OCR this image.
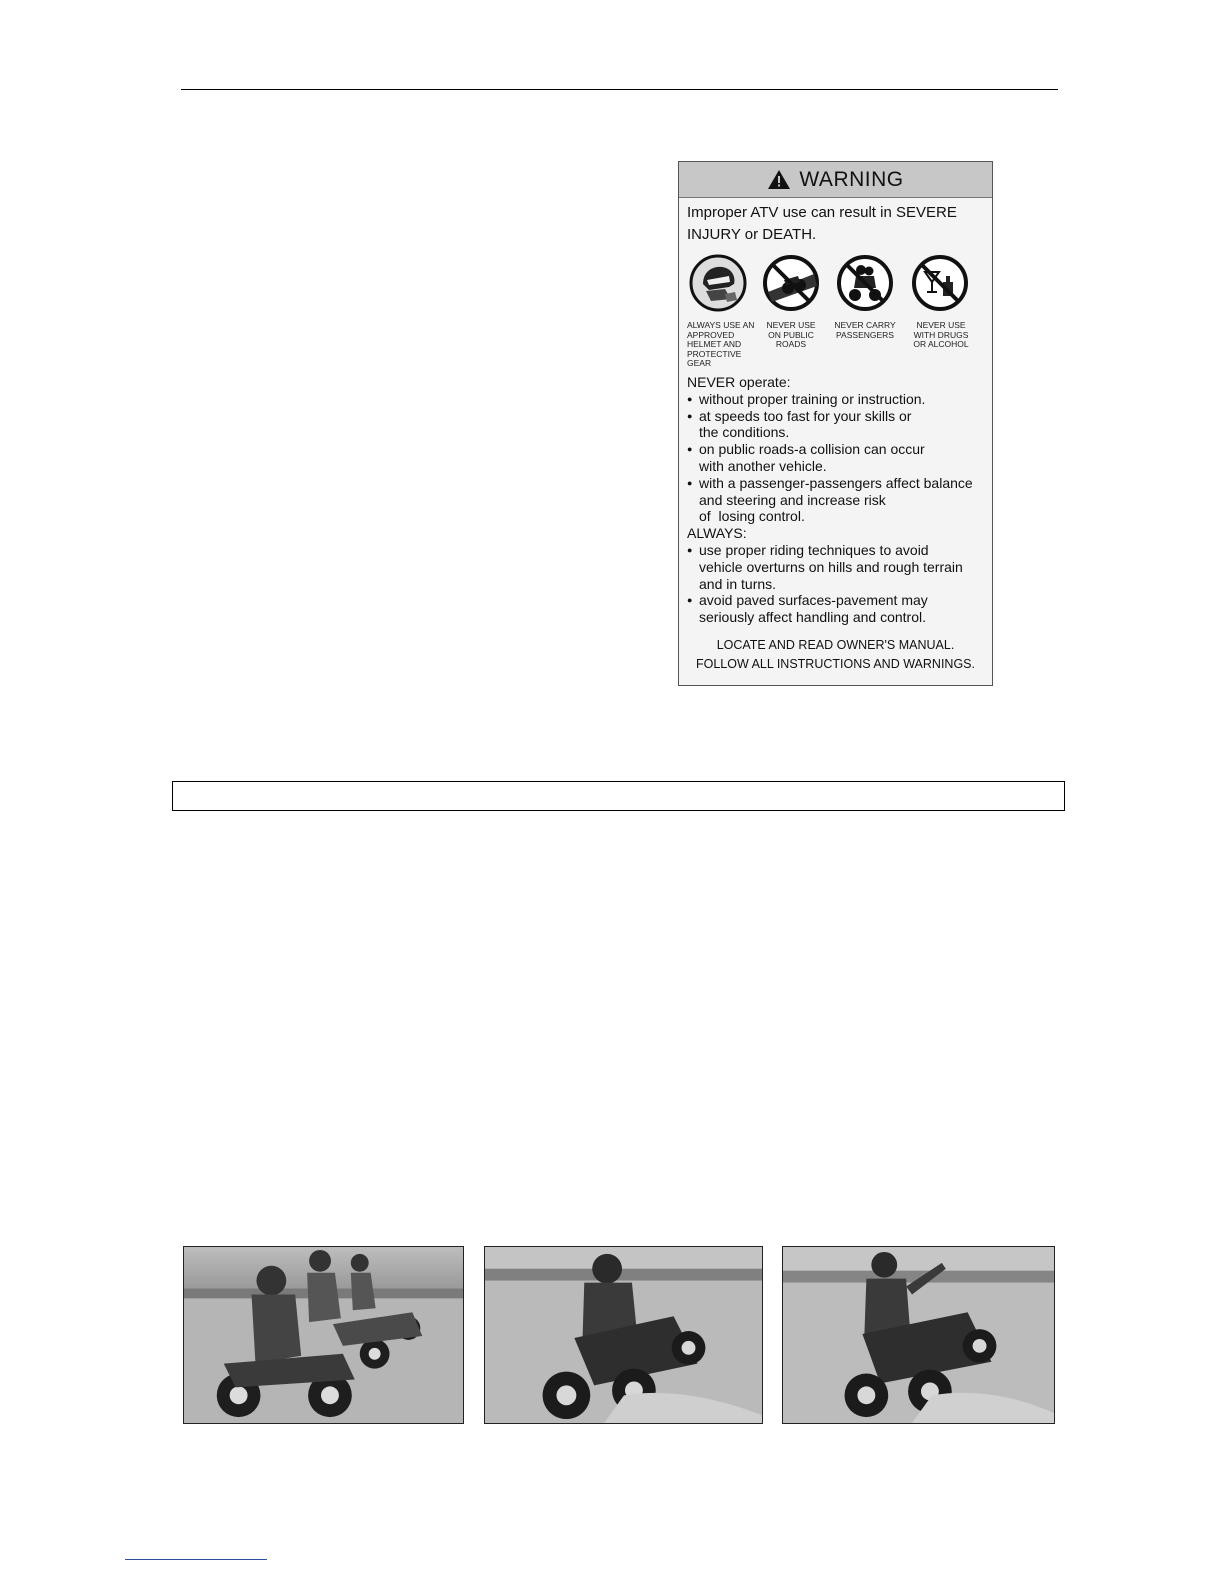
WARNING
Improper ATV use can result in SEVERE INJURY or DEATH.
ALWAYS USE AN APPROVED HELMET AND PROTECTIVE GEAR
NEVER USE ON PUBLIC ROADS
NEVER CARRY PASSENGERS
NEVER USE WITH DRUGS OR ALCOHOL
NEVER operate:
● without proper training or instruction.
● at speeds too fast for your skills or
the conditions.
● on public roads-a collision can occur
with another vehicle.
● with a passenger-passengers affect balance
and steering and increase risk
of  losing control.
ALWAYS:
● use proper riding techniques to avoid
vehicle overturns on hills and rough terrain
and in turns.
● avoid paved surfaces-pavement may
seriously affect handling and control.
LOCATE AND READ OWNER'S MANUAL.
FOLLOW ALL INSTRUCTIONS AND WARNINGS.
